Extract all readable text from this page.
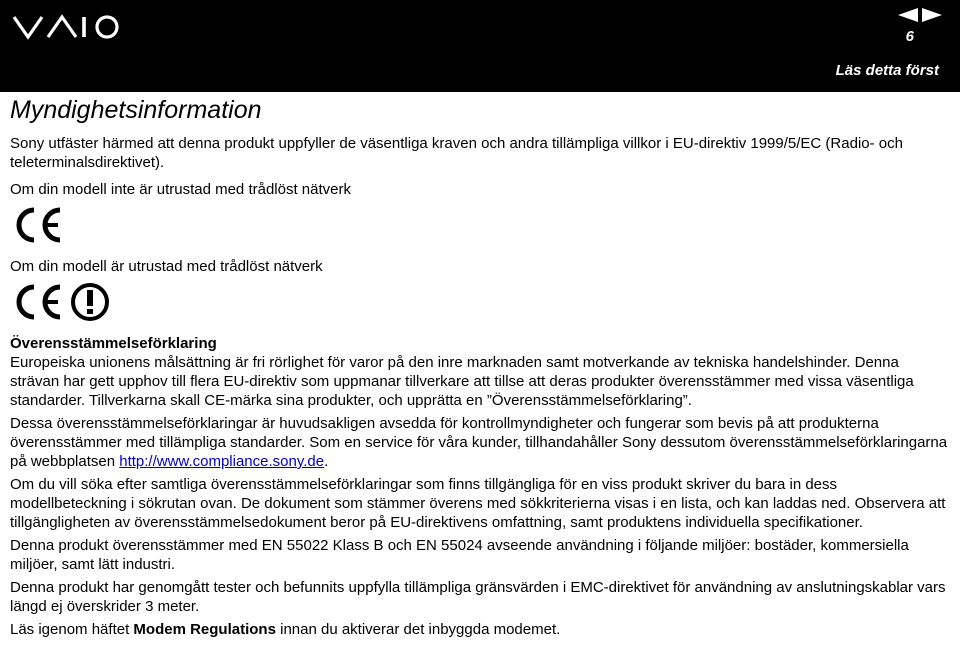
6
Läs detta först
Myndighetsinformation

Sony utfäster härmed att denna produkt uppfyller de väsentliga kraven och andra tillämpliga villkor i EU-direktiv 1999/5/EC (Radio- och teleterminalsdirektivet).

Om din modell inte är utrustad med trådlöst nätverk

Om din modell är utrustad med trådlöst nätverk

Överensstämmelseförklaring

Europeiska unionens målsättning är fri rörlighet för varor på den inre marknaden samt motverkande av tekniska handelshinder. Denna strävan har gett upphov till flera EU-direktiv som uppmanar tillverkare att tillse att deras produkter överensstämmer med vissa väsentliga standarder. Tillverkarna skall CE-märka sina produkter, och upprätta en ”Överensstämmelseförklaring”.

Dessa överensstämmelseförklaringar är huvudsakligen avsedda för kontrollmyndigheter och fungerar som bevis på att produkterna överensstämmer med tillämpliga standarder. Som en service för våra kunder, tillhandahåller Sony dessutom överensstämmelseförklaringarna på webbplatsen http://www.compliance.sony.de.

Om du vill söka efter samtliga överensstämmelseförklaringar som finns tillgängliga för en viss produkt skriver du bara in dess modellbeteckning i sökrutan ovan. De dokument som stämmer överens med sökkriterierna visas i en lista, och kan laddas ned. Observera att tillgängligheten av överensstämmelsedokument beror på EU-direktivens omfattning, samt produktens individuella specifikationer.

Denna produkt överensstämmer med EN 55022 Klass B och EN 55024 avseende användning i följande miljöer: bostäder, kommersiella miljöer, samt lätt industri.

Denna produkt har genomgått tester och befunnits uppfylla tillämpliga gränsvärden i EMC-direktivet för användning av anslutningskablar vars längd ej överskrider 3 meter.

Läs igenom häftet Modem Regulations innan du aktiverar det inbyggda modemet.
